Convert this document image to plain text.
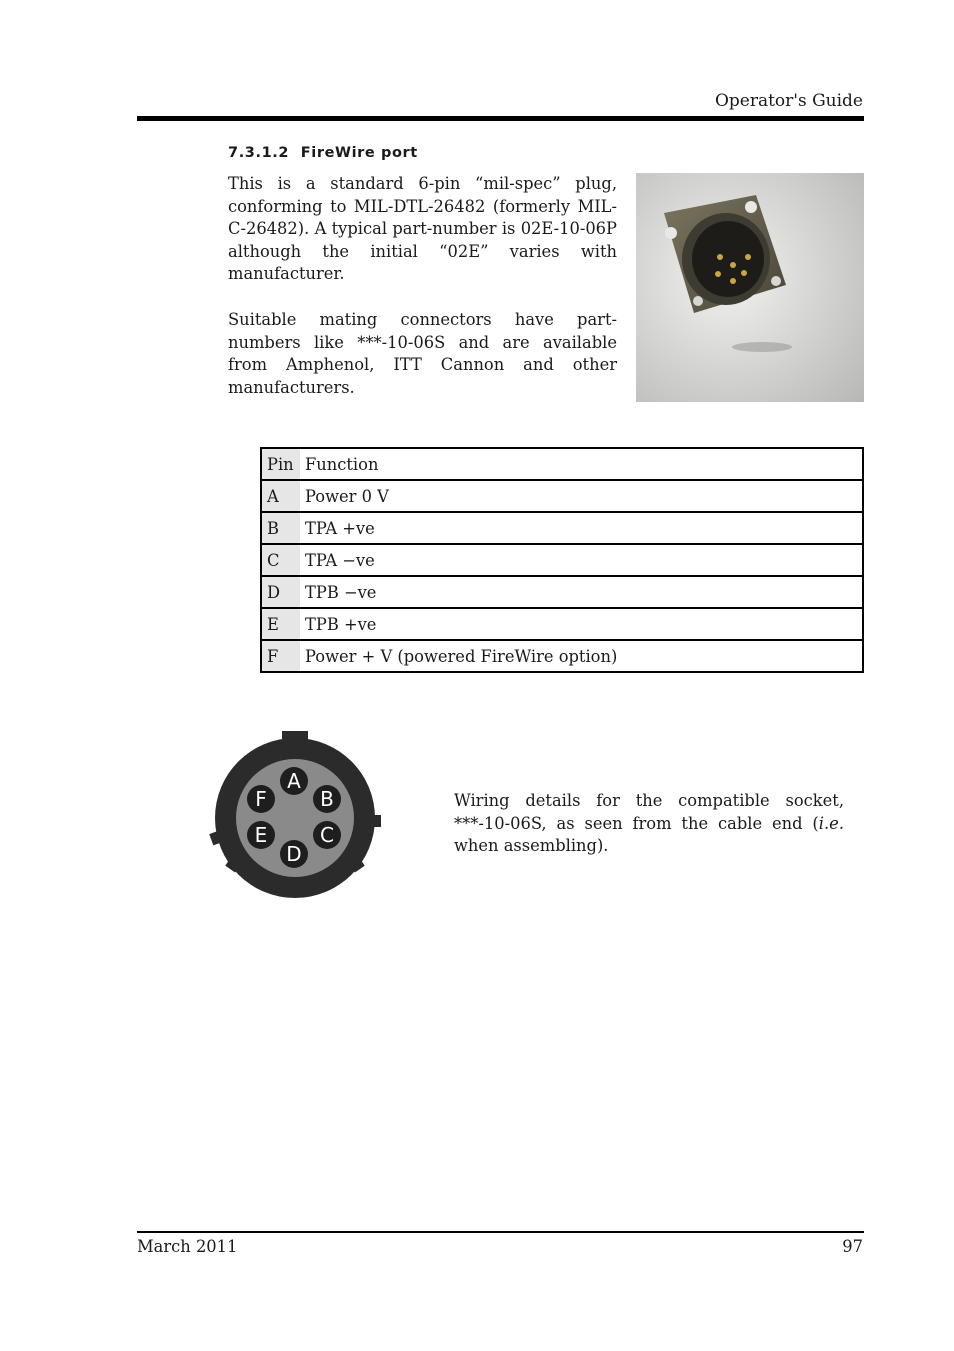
Operator's Guide
7.3.1.2 FireWire port

This is a standard 6-pin “mil-spec” plug, conforming to MIL-DTL-26482 (formerly MIL-C-26482). A typical part-number is 02E-10-06P although the initial “02E” varies with manufacturer.

Suitable mating connectors have part-numbers like ***-10-06S and are available from Amphenol, ITT Cannon and other manufacturers.

Pin	Function
A	Power 0 V
B	TPA +ve
C	TPA −ve
D	TPB −ve
E	TPB +ve
F	Power + V (powered FireWire option)
A
B
C
D
E
F	Wiring details for the compatible socket, ***-10-06S, as seen from the cable end (i.e. when assembling).

March 2011	97
